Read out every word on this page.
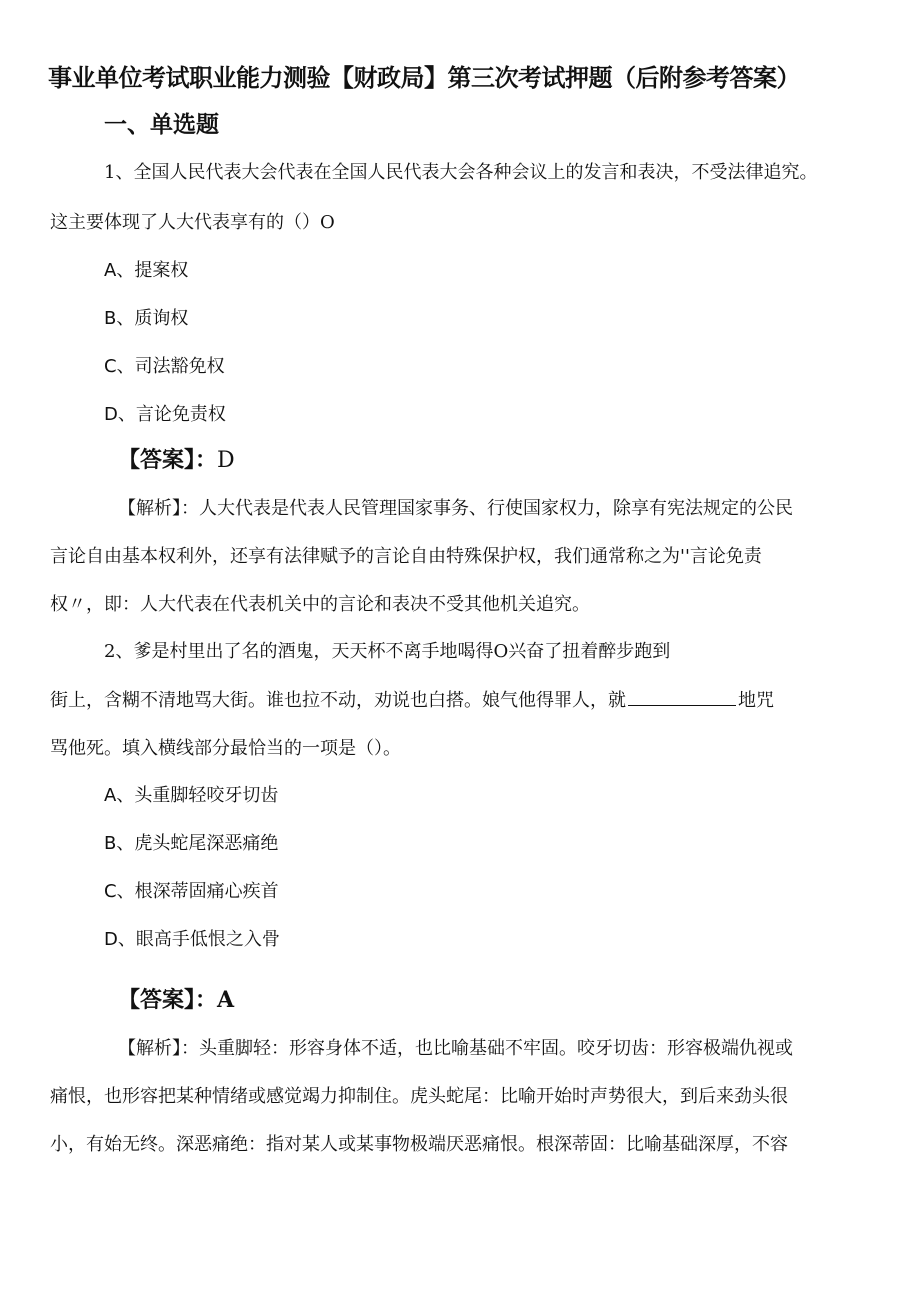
事业单位考试职业能力测验【财政局】第三次考试押题（后附参考答案）
一、单选题
1、全国人民代表大会代表在全国人民代表大会各种会议上的发言和表决，不受法律追究。
这主要体现了人大代表享有的（）O
A、提案权
B、质询权
C、司法豁免权
D、言论免责权
【答案】：D
【解析】：人大代表是代表人民管理国家事务、行使国家权力，除享有宪法规定的公民
言论自由基本权利外，还享有法律赋予的言论自由特殊保护权，我们通常称之为''言论免责
权〃，即：人大代表在代表机关中的言论和表决不受其他机关追究。
2、爹是村里出了名的酒鬼，天天杯不离手地喝得O兴奋了扭着醉步跑到
街上，含糊不清地骂大街。谁也拉不动，劝说也白搭。娘气他得罪人，就	地咒
骂他死。填入横线部分最恰当的一项是（）。
A、头重脚轻咬牙切齿
B、虎头蛇尾深恶痛绝
C、根深蒂固痛心疾首
D、眼高手低恨之入骨
【答案】：A
【解析】：头重脚轻：形容身体不适，也比喻基础不牢固。咬牙切齿：形容极端仇视或
痛恨，也形容把某种情绪或感觉竭力抑制住。虎头蛇尾：比喻开始时声势很大，到后来劲头很
小，有始无终。深恶痛绝：指对某人或某事物极端厌恶痛恨。根深蒂固：比喻基础深厚，不容
